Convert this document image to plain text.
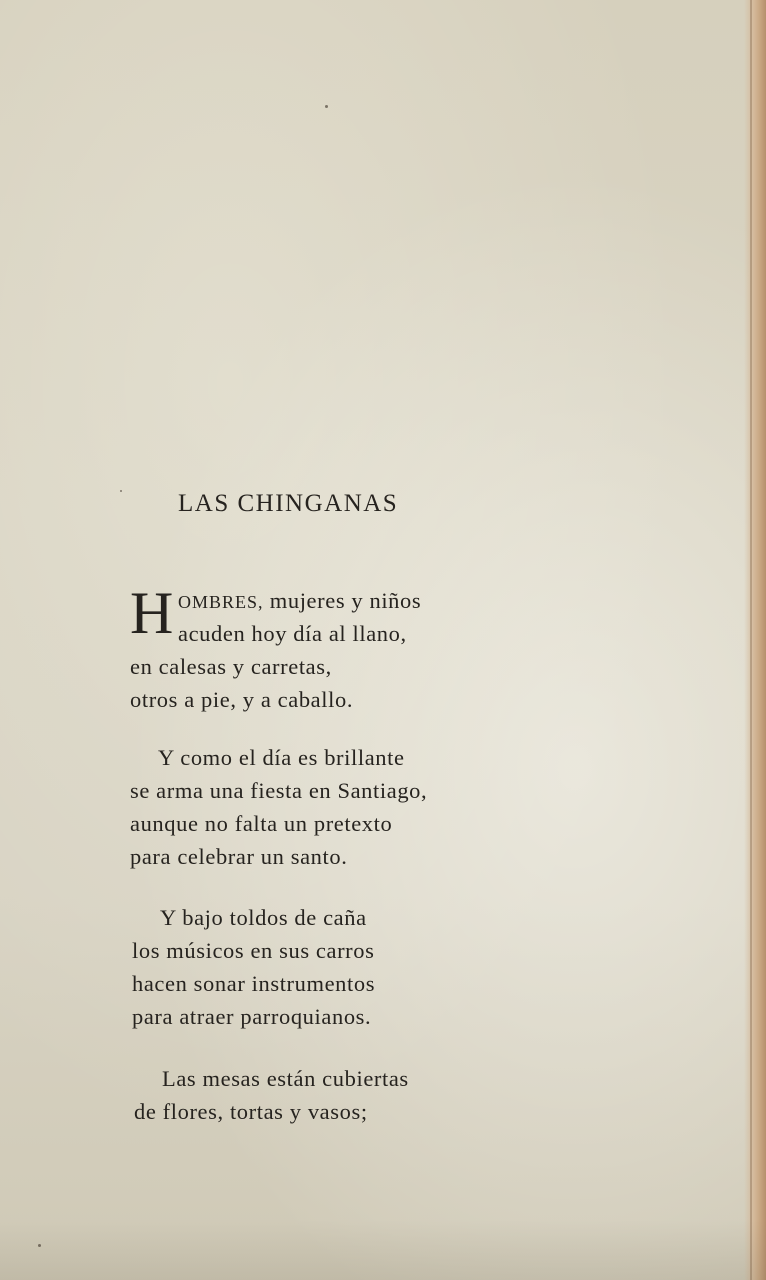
LAS CHINGANAS
H OMBRES, mujeres y niños
acuden hoy día al llano,
en calesas y carretas,
otros a pie, y a caballo.
Y como el día es brillante
se arma una fiesta en Santiago,
aunque no falta un pretexto
para celebrar un santo.
Y bajo toldos de caña
los músicos en sus carros
hacen sonar instrumentos
para atraer parroquianos.
Las mesas están cubiertas
de flores, tortas y vasos;
